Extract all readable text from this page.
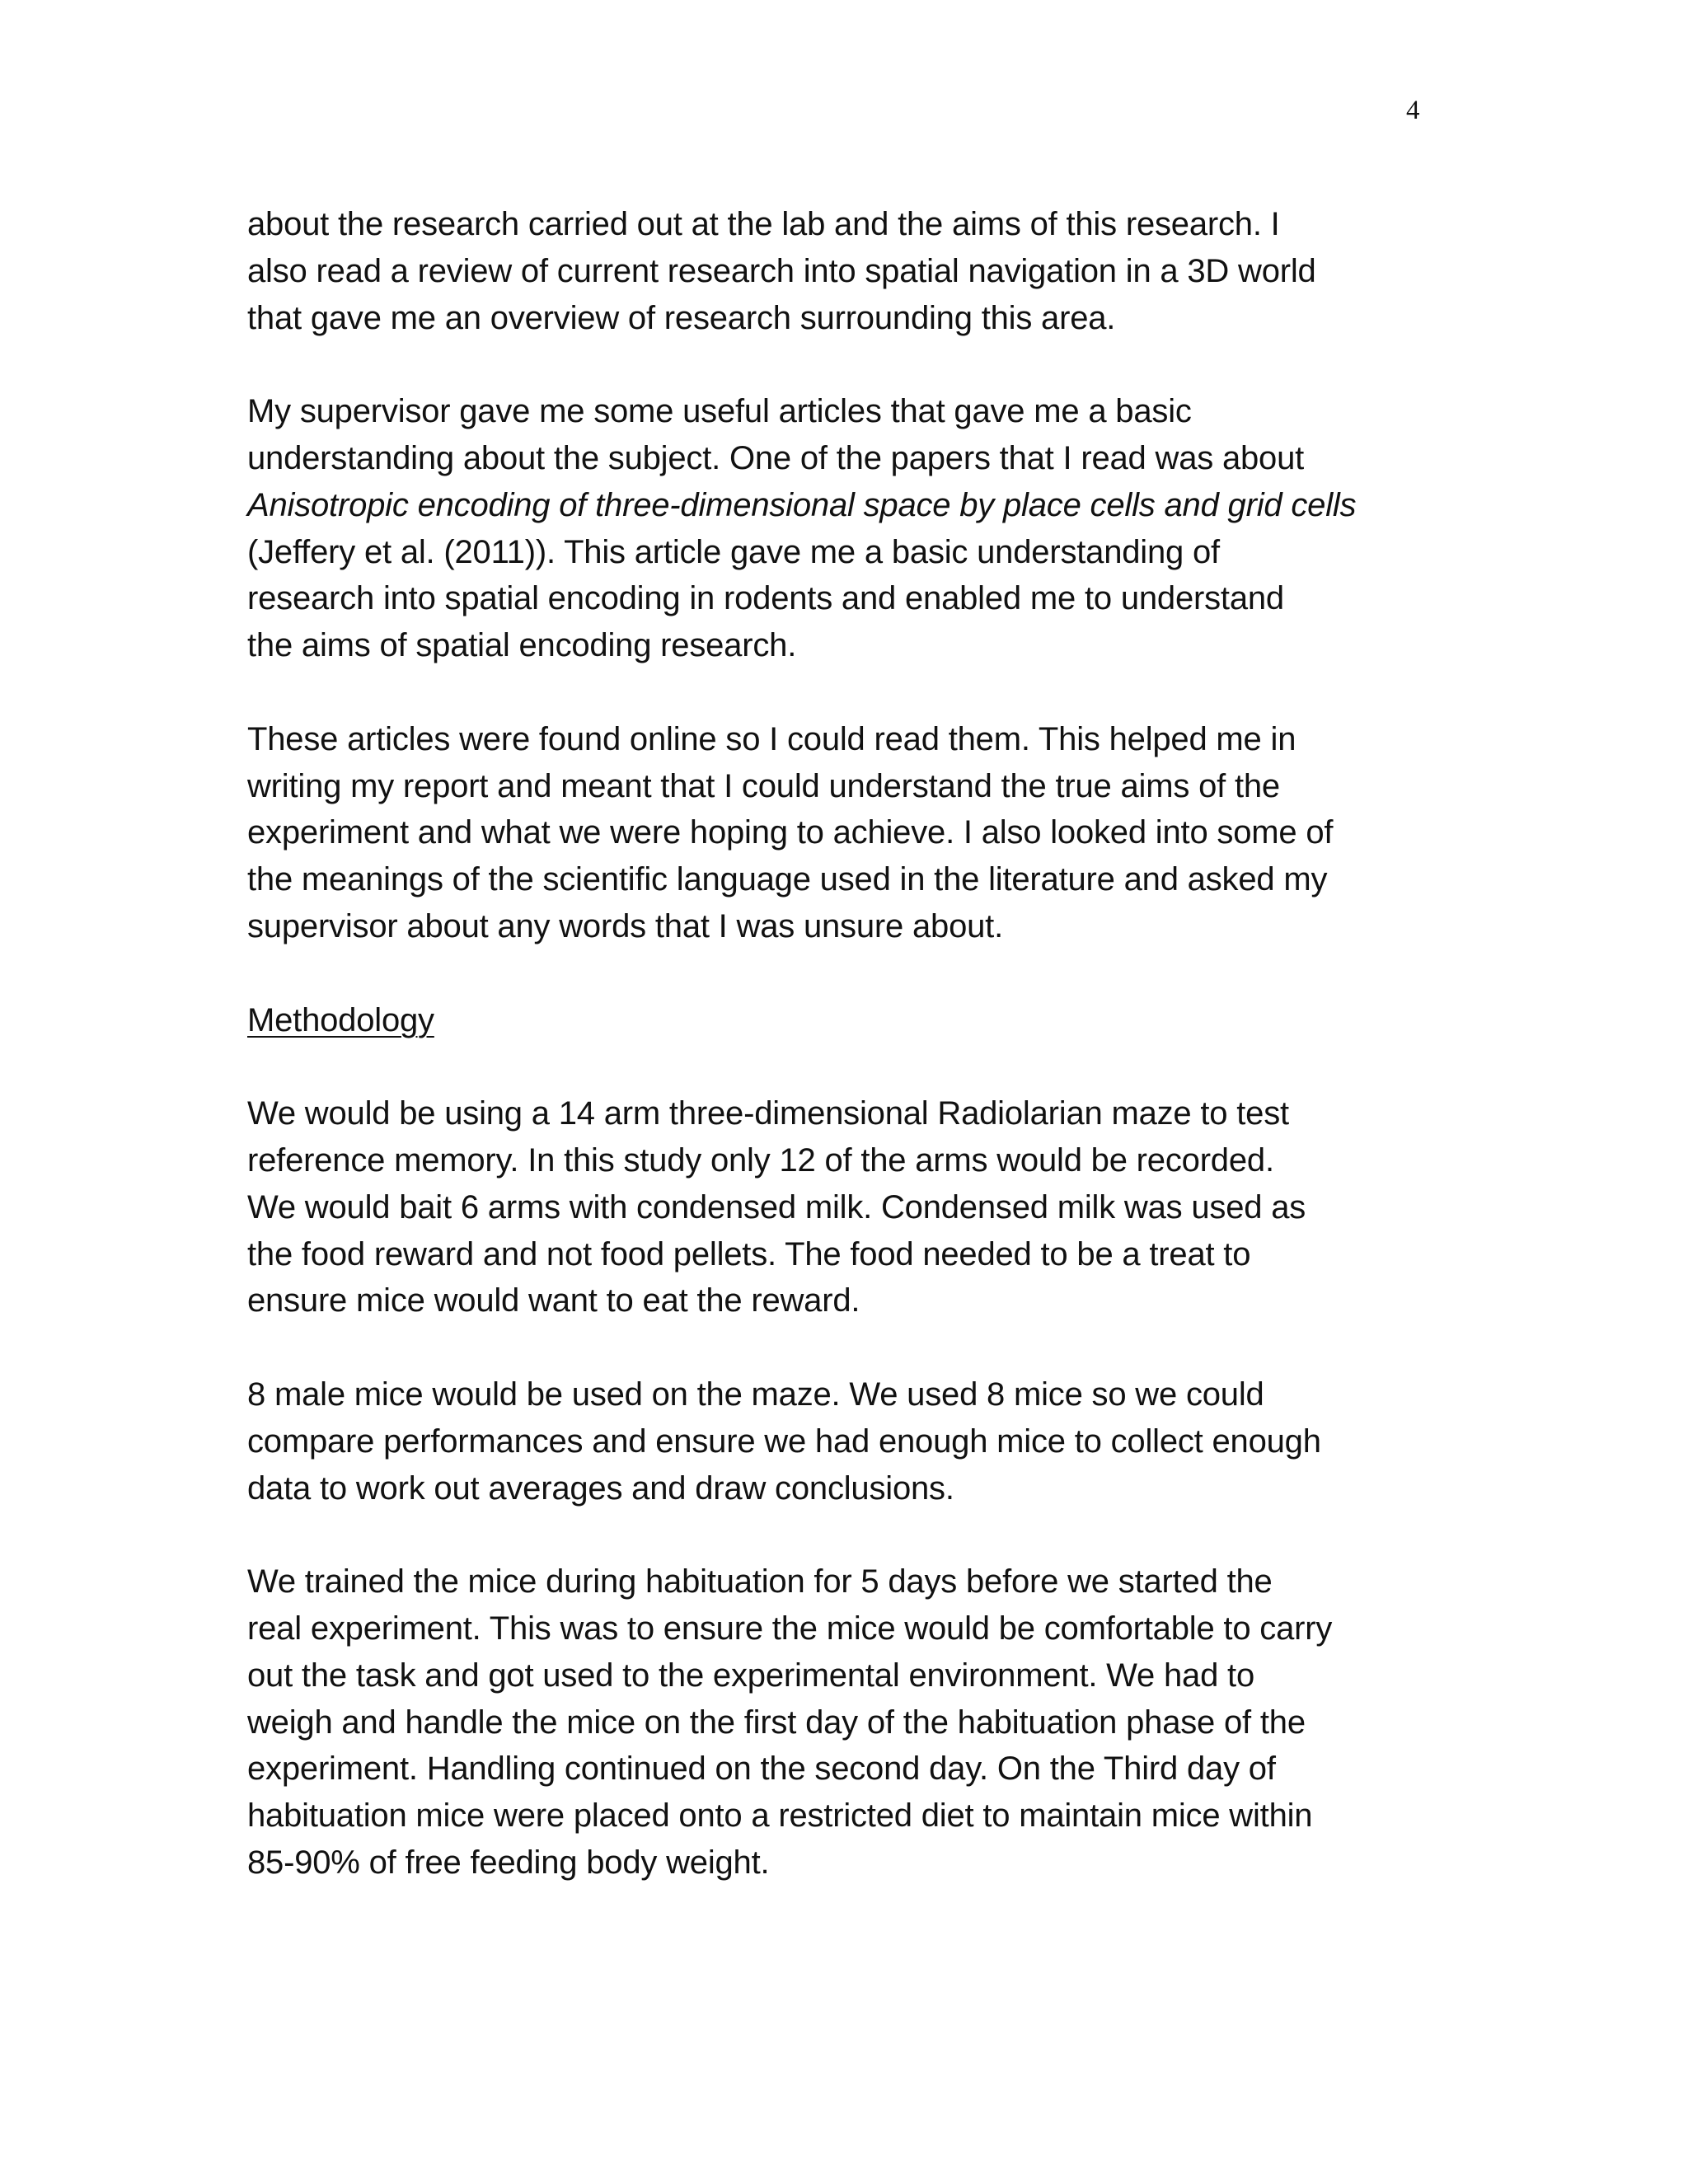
4
about the research carried out at the lab and the aims of this research. I
also read a review of current research into spatial navigation in a 3D world
that gave me an overview of research surrounding this area.
My supervisor gave me some useful articles that gave me a basic
understanding about the subject. One of the papers that I read was about
Anisotropic encoding of three-dimensional space by place cells and grid cells
(Jeffery et al. (2011)). This article gave me a basic understanding of
research into spatial encoding in rodents and enabled me to understand
the aims of spatial encoding research.
These articles were found online so I could read them. This helped me in
writing my report and meant that I could understand the true aims of the
experiment and what we were hoping to achieve. I also looked into some of
the meanings of the scientific language used in the literature and asked my
supervisor about any words that I was unsure about.
Methodology
We would be using a 14 arm three-dimensional Radiolarian maze to test
reference memory. In this study only 12 of the arms would be recorded.
We would bait 6 arms with condensed milk. Condensed milk was used as
the food reward and not food pellets. The food needed to be a treat to
ensure mice would want to eat the reward.
8 male mice would be used on the maze. We used 8 mice so we could
compare performances and ensure we had enough mice to collect enough
data to work out averages and draw conclusions.
We trained the mice during habituation for 5 days before we started the
real experiment. This was to ensure the mice would be comfortable to carry
out the task and got used to the experimental environment. We had to
weigh and handle the mice on the first day of the habituation phase of the
experiment. Handling continued on the second day. On the Third day of
habituation mice were placed onto a restricted diet to maintain mice within
85-90% of free feeding body weight.
